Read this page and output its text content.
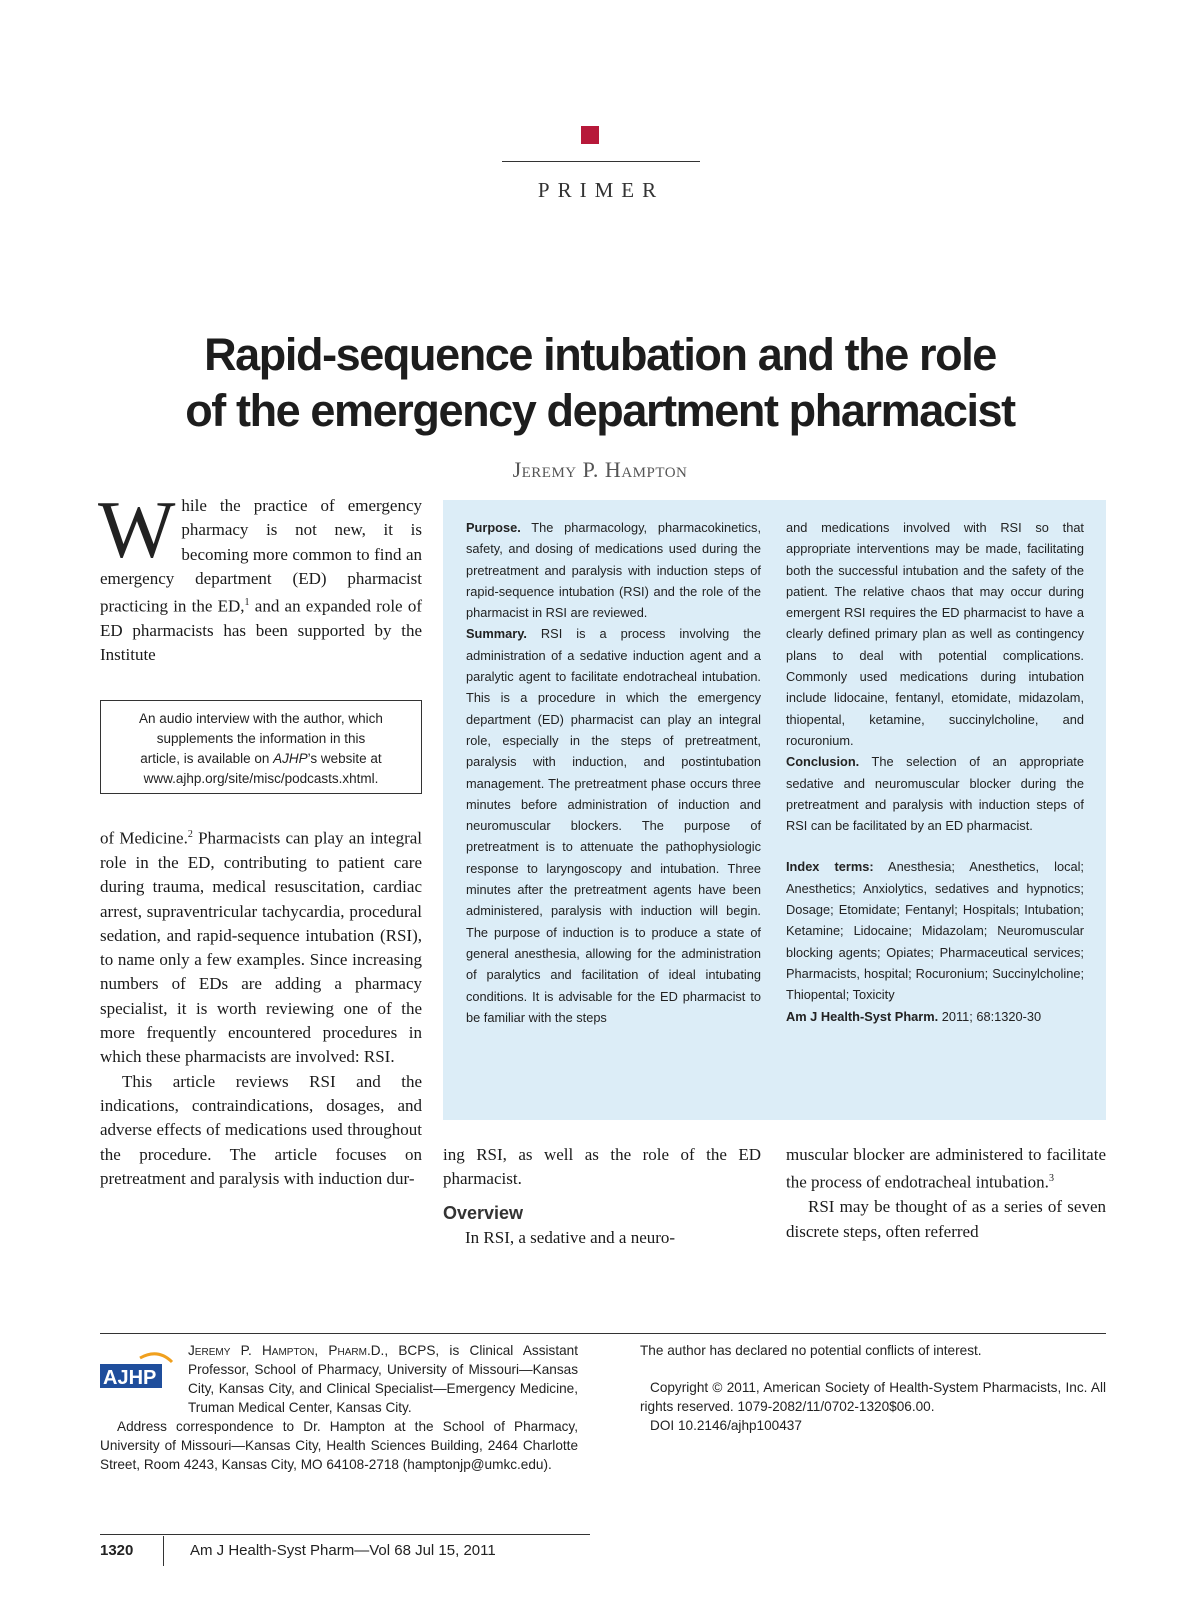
PRIMER
Rapid-sequence intubation and the role
of the emergency department pharmacist
Jeremy P. Hampton

While the practice of emergency pharmacy is not new, it is becoming more common to find an emergency department (ED) pharmacist practicing in the ED,$^1$ and an expanded role of ED pharmacists has been supported by the Institute

An audio interview with the author, which
supplements the information in this
article, is available on AJHP’s website at
www.ajhp.org/site/misc/podcasts.xhtml.

of Medicine.$^2$ Pharmacists can play an integral role in the ED, contributing to patient care during trauma, medical resuscitation, cardiac arrest, supraventricular tachycardia, procedural sedation, and rapid-sequence intubation (RSI), to name only a few examples. Since increasing numbers of EDs are adding a pharmacy specialist, it is worth reviewing one of the more frequently encountered procedures in which these pharmacists are involved: RSI.

This article reviews RSI and the indications, contraindications, dosages, and adverse effects of medications used throughout the procedure. The article focuses on pretreatment and paralysis with induction dur-

Purpose. The pharmacology, pharmacokinetics, safety, and dosing of medications used during the pretreatment and paralysis with induction steps of rapid-sequence intubation (RSI) and the role of the pharmacist in RSI are reviewed.

Summary. RSI is a process involving the administration of a sedative induction agent and a paralytic agent to facilitate endotracheal intubation. This is a procedure in which the emergency department (ED) pharmacist can play an integral role, especially in the steps of pretreatment, paralysis with induction, and postintubation management. The pretreatment phase occurs three minutes before administration of induction and neuromuscular blockers. The purpose of pretreatment is to attenuate the pathophysiologic response to laryngoscopy and intubation. Three minutes after the pretreatment agents have been administered, paralysis with induction will begin. The purpose of induction is to produce a state of general anesthesia, allowing for the administration of paralytics and facilitation of ideal intubating conditions. It is advisable for the ED pharmacist to be familiar with the steps

and medications involved with RSI so that appropriate interventions may be made, facilitating both the successful intubation and the safety of the patient. The relative chaos that may occur during emergent RSI requires the ED pharmacist to have a clearly defined primary plan as well as contingency plans to deal with potential complications. Commonly used medications during intubation include lidocaine, fentanyl, etomidate, midazolam, thiopental, ketamine, succinylcholine, and rocuronium.

Conclusion. The selection of an appropriate sedative and neuromuscular blocker during the pretreatment and paralysis with induction steps of RSI can be facilitated by an ED pharmacist.

Index terms: Anesthesia; Anesthetics, local; Anesthetics; Anxiolytics, sedatives and hypnotics; Dosage; Etomidate; Fentanyl; Hospitals; Intubation; Ketamine; Lidocaine; Midazolam; Neuromuscular blocking agents; Opiates; Pharmaceutical services; Pharmacists, hospital; Rocuronium; Succinylcholine; Thiopental; Toxicity

Am J Health-Syst Pharm. 2011; 68:1320-30

ing RSI, as well as the role of the ED pharmacist.

Overview

In RSI, a sedative and a neuro-

muscular blocker are administered to facilitate the process of endotracheal intubation.$^3$

RSI may be thought of as a series of seven discrete steps, often referred

AJHP

Jeremy P. Hampton, Pharm.D., BCPS, is Clinical Assistant Professor, School of Pharmacy, University of Missouri—Kansas City, Kansas City, and Clinical Specialist—Emergency Medicine, Truman Medical Center, Kansas City.

Address correspondence to Dr. Hampton at the School of Pharmacy, University of Missouri—Kansas City, Health Sciences Building, 2464 Charlotte Street, Room 4243, Kansas City, MO 64108-2718 (hamptonjp@umkc.edu).

The author has declared no potential conflicts of interest.

Copyright © 2011, American Society of Health-System Pharmacists, Inc. All rights reserved. 1079-2082/11/0702-1320$06.00.

DOI 10.2146/ajhp100437

1320	Am J Health-Syst Pharm—Vol 68 Jul 15, 2011
